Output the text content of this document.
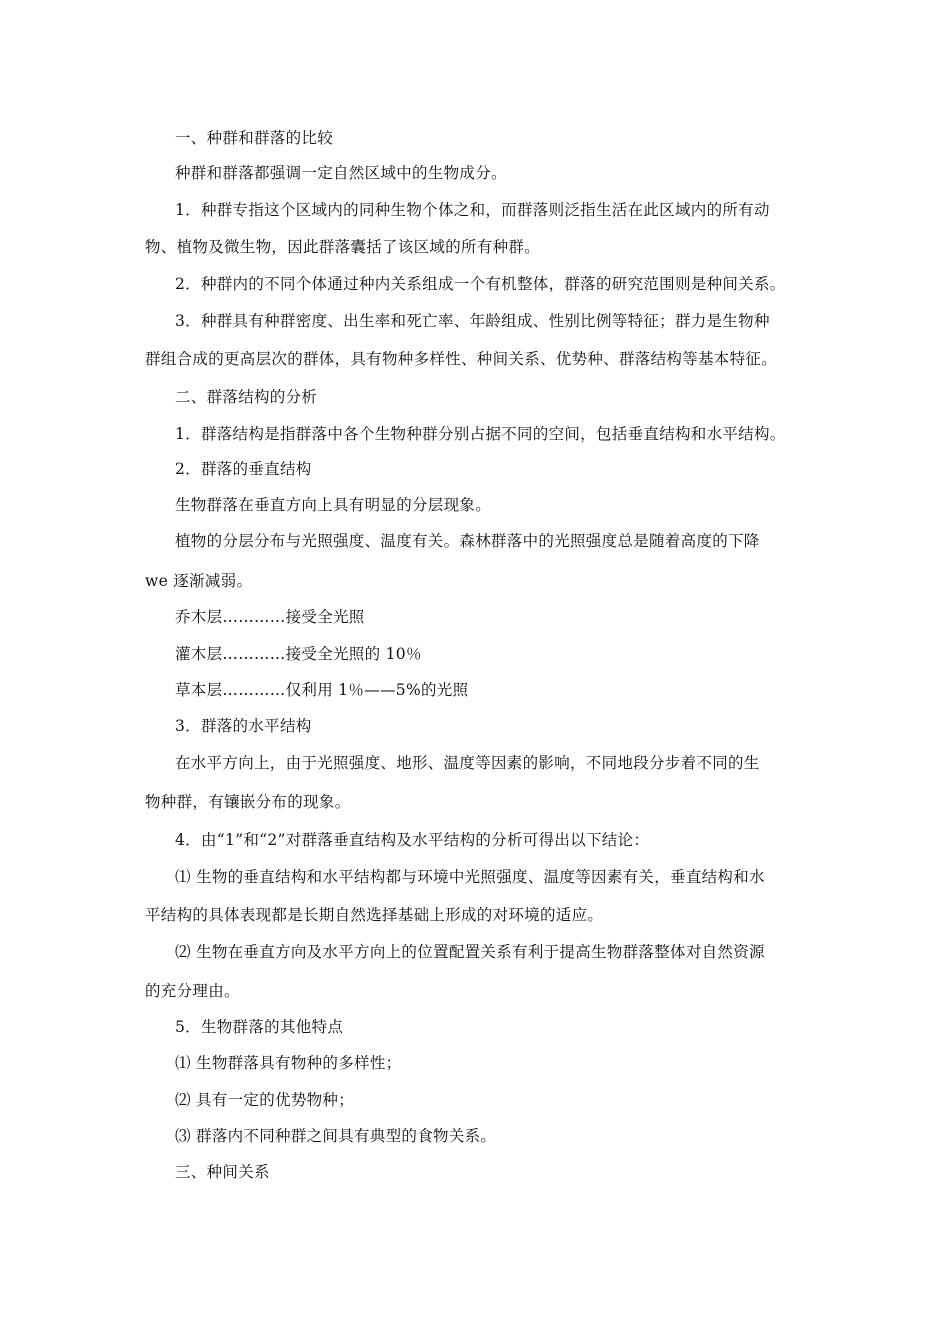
一、种群和群落的比较
种群和群落都强调一定自然区域中的生物成分。
1．种群专指这个区域内的同种生物个体之和，而群落则泛指生活在此区域内的所有动
物、植物及微生物，因此群落囊括了该区域的所有种群。
2．种群内的不同个体通过种内关系组成一个有机整体，群落的研究范围则是种间关系。
3．种群具有种群密度、出生率和死亡率、年龄组成、性别比例等特征；群力是生物种
群组合成的更高层次的群体，具有物种多样性、种间关系、优势种、群落结构等基本特征。
二、群落结构的分析
1．群落结构是指群落中各个生物种群分别占据不同的空间，包括垂直结构和水平结构。
2．群落的垂直结构
生物群落在垂直方向上具有明显的分层现象。
植物的分层分布与光照强度、温度有关。森林群落中的光照强度总是随着高度的下降
we 逐渐减弱。
乔木层…………接受全光照
灌木层…………接受全光照的 10％
草本层…………仅利用 1％——5%的光照
3．群落的水平结构
在水平方向上，由于光照强度、地形、温度等因素的影响，不同地段分步着不同的生
物种群，有镶嵌分布的现象。
4．由“1”和“2”对群落垂直结构及水平结构的分析可得出以下结论：
⑴ 生物的垂直结构和水平结构都与环境中光照强度、温度等因素有关，垂直结构和水
平结构的具体表现都是长期自然选择基础上形成的对环境的适应。
⑵ 生物在垂直方向及水平方向上的位置配置关系有利于提高生物群落整体对自然资源
的充分理由。
5．生物群落的其他特点
⑴ 生物群落具有物种的多样性；
⑵ 具有一定的优势物种；
⑶ 群落内不同种群之间具有典型的食物关系。
三、种间关系
